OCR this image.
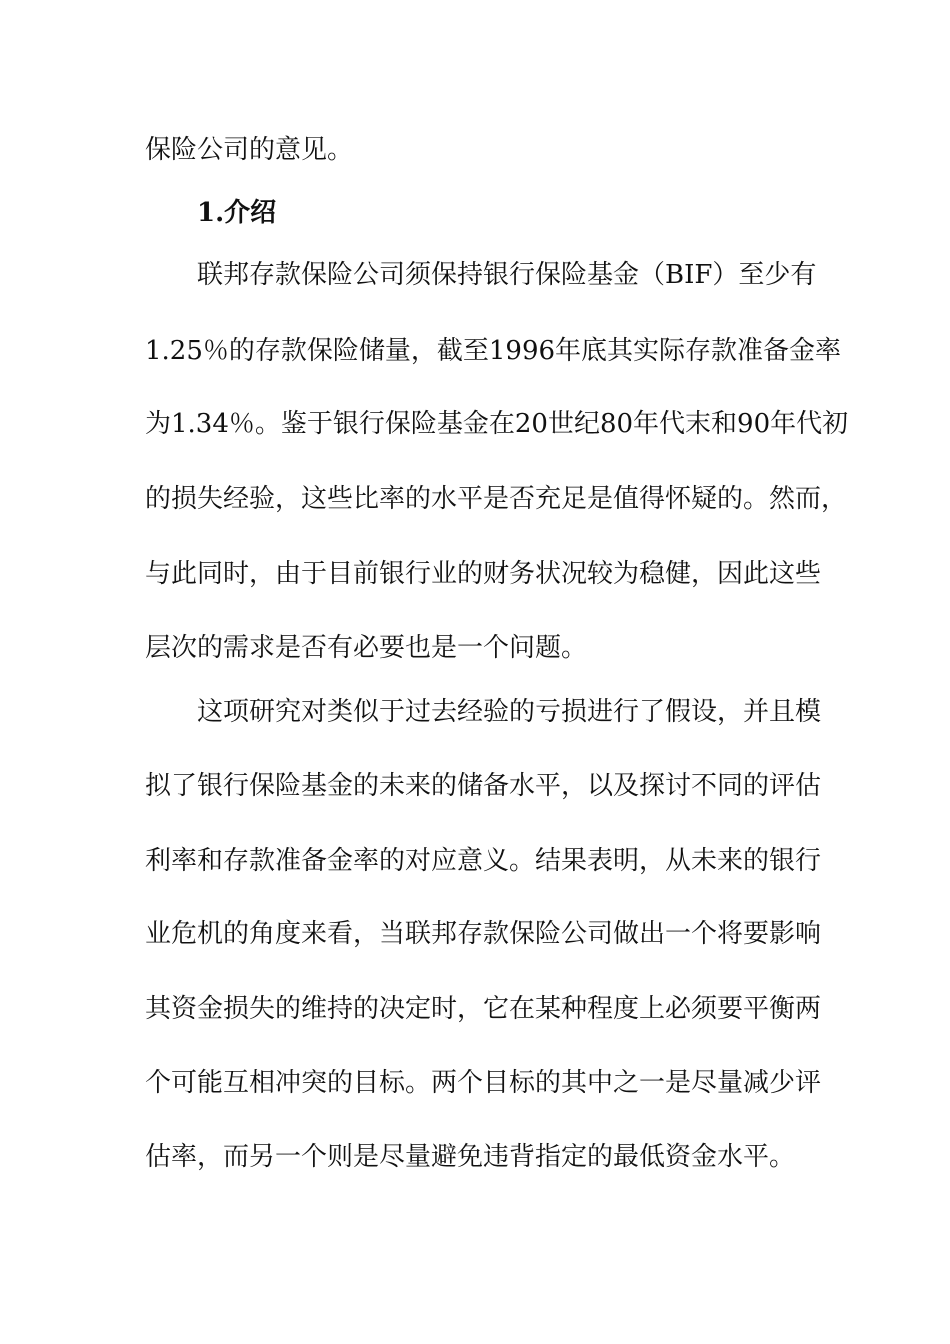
保险公司的意见。
1.介绍
联邦存款保险公司须保持银行保险基金（BIF）至少有
1.25％的存款保险储量，截至1996年底其实际存款准备金率
为1.34％。鉴于银行保险基金在20世纪80年代末和90年代初
的损失经验，这些比率的水平是否充足是值得怀疑的。然而，
与此同时，由于目前银行业的财务状况较为稳健，因此这些
层次的需求是否有必要也是一个问题。
这项研究对类似于过去经验的亏损进行了假设，并且模
拟了银行保险基金的未来的储备水平，以及探讨不同的评估
利率和存款准备金率的对应意义。结果表明，从未来的银行
业危机的角度来看，当联邦存款保险公司做出一个将要影响
其资金损失的维持的决定时，它在某种程度上必须要平衡两
个可能互相冲突的目标。两个目标的其中之一是尽量减少评
估率，而另一个则是尽量避免违背指定的最低资金水平。
